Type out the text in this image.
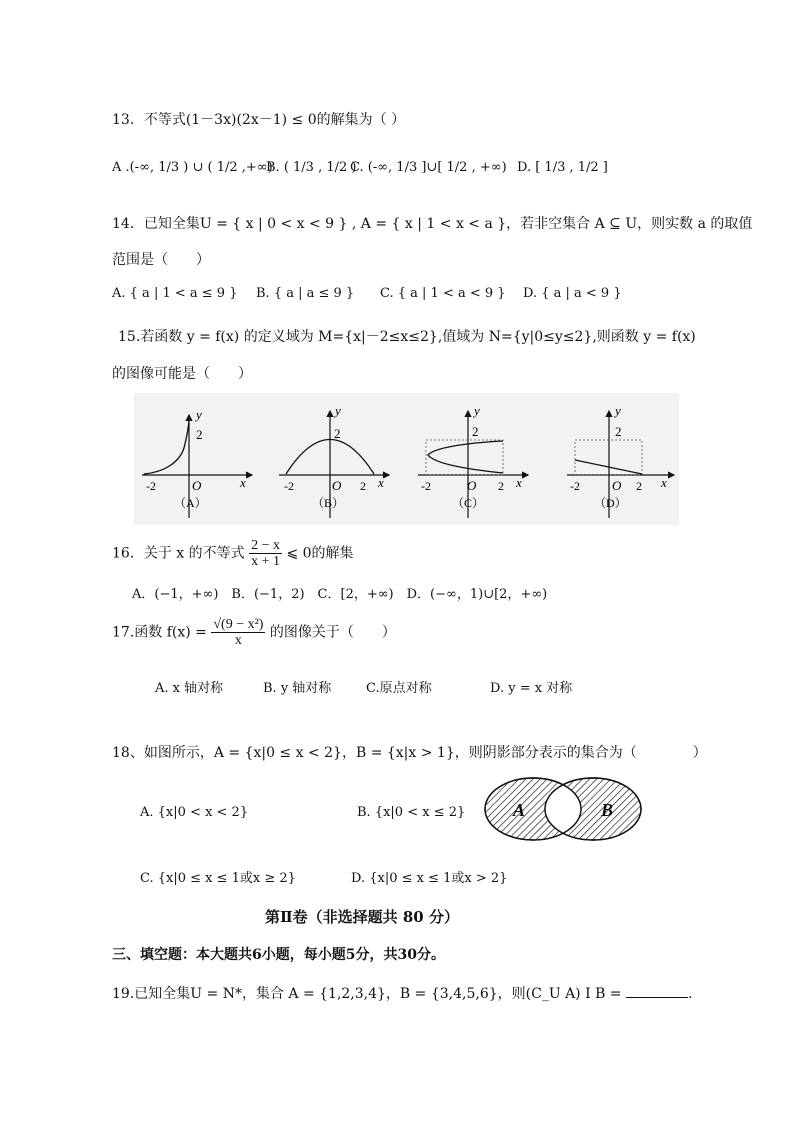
13．不等式(1－3x)(2x－1) ≤ 0的解集为（ ）
A .(-∞, 1/3 ) ∪ ( 1/2 ,+∞)
B. ( 1/3 , 1/2 )
C. (-∞, 1/3 ]∪[ 1/2 , +∞) D. [ 1/3 , 1/2 ]
14．已知全集U = { x | 0 < x < 9 } , A = { x | 1 < x < a }，若非空集合 A ⊆ U，则实数 a 的取值
范围是（　　）
A. { a | 1 < a ≤ 9 } B. { a | a ≤ 9 } C. { a | 1 < a < 9 } D. { a | a < 9 }
15.若函数 y = f(x) 的定义域为 M={x|－2≤x≤2},值域为 N={y|0≤y≤2},则函数 y = f(x)
的图像可能是（　　）
y
2
-2	O	x
（A）
y
2
-2	O 2 x
（B）
y
2
-2	O 2 x
（C）
y
2
-2 O 2 x
（D）
16．关于 x 的不等式 $\frac{2 - x}{x + 1}$ ⩽ 0的解集
A．(−1，+∞)　B．(−1，2)　C．[2，+∞)　D．(−∞，1)∪[2，+∞)
17.函数 $f(x) = \frac{\text{√(9 − x²)}}{x}$ 的图像关于（　　）
A. x 轴对称	B. y 轴对称	C.原点对称	D. y = x 对称
18、如图所示，A = {x|0 ≤ x < 2}，B = {x|x > 1}，则阴影部分表示的集合为（　　　　）
A. {x|0 < x < 2}	B. {x|0 < x ≤ 2}
C. {x|0 ≤ x ≤ 1或x ≥ 2}	D. {x|0 ≤ x ≤ 1或x > 2}
A	B
第Ⅱ卷（非选择题共 80 分）
三、填空题：本大题共6小题，每小题5分，共30分。
19.已知全集U = N*，集合 A = {1,2,3,4}，B = {3,4,5,6}，则(C_U A) I B =	.
